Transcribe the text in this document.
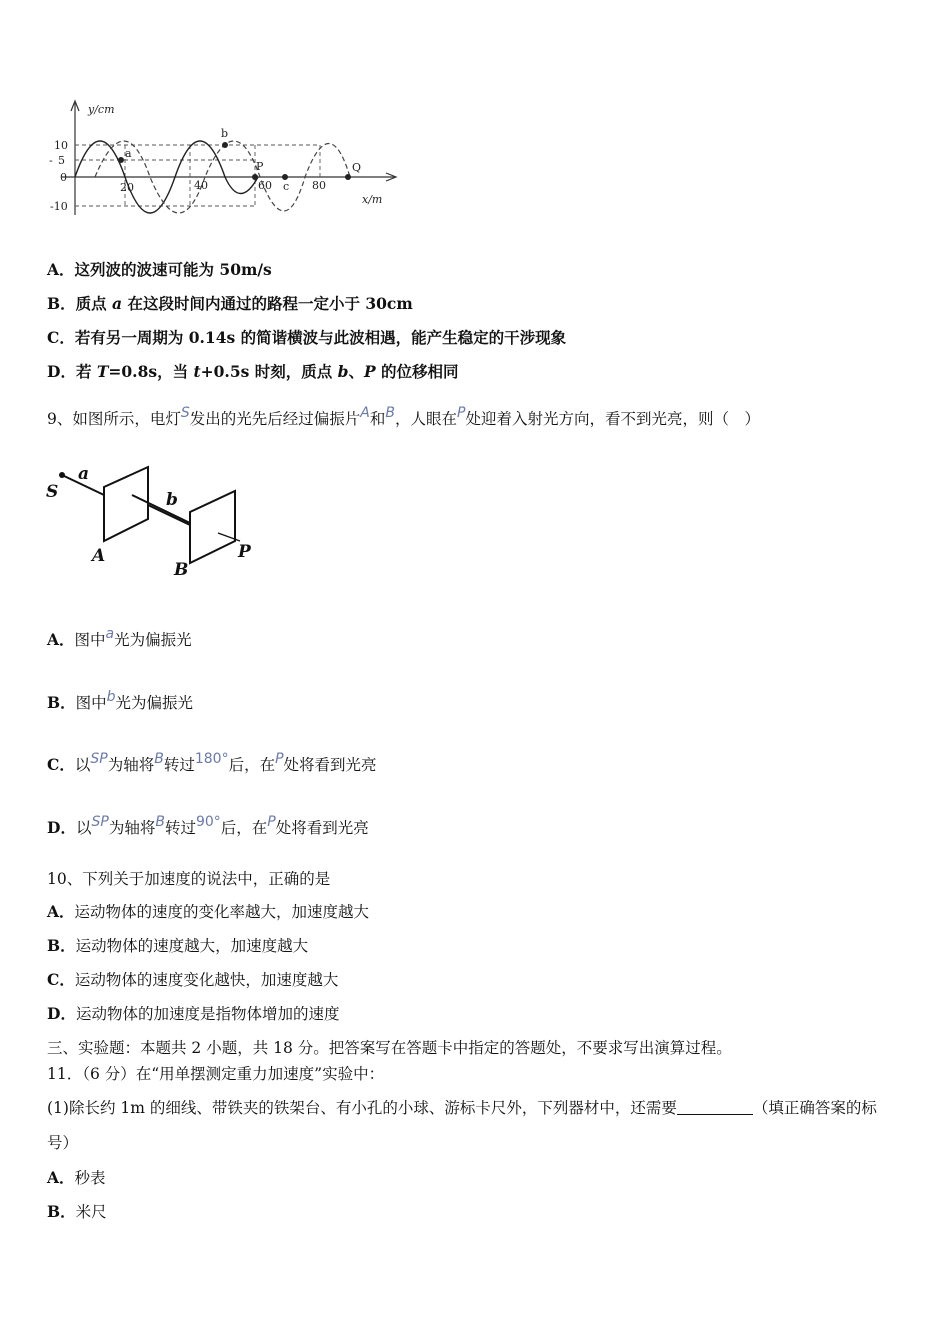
y/cm
x/m
10
5
-
0
-10
20	40	60	80
a
b
P
c
Q
A．这列波的波速可能为 50m/s
B．质点 a 在这段时间内通过的路程一定小于 30cm
C．若有另一周期为 0.14s 的简谐横波与此波相遇，能产生稳定的干涉现象
D．若 T=0.8s，当 t+0.5s 时刻，质点 b、P 的位移相同
9、如图所示，电灯S发出的光先后经过偏振片A和B，人眼在P处迎着入射光方向，看不到光亮，则（　）
S
a
b
A
B
P
A．图中a光为偏振光
B．图中b光为偏振光
C．以SP为轴将B转过180°后，在P处将看到光亮
D．以SP为轴将B转过90°后，在P处将看到光亮
10、下列关于加速度的说法中，正确的是
A．运动物体的速度的变化率越大，加速度越大
B．运动物体的速度越大，加速度越大
C．运动物体的速度变化越快，加速度越大
D．运动物体的加速度是指物体增加的速度
三、实验题：本题共 2 小题，共 18 分。把答案写在答题卡中指定的答题处，不要求写出演算过程。
11．（6 分）在“用单摆测定重力加速度”实验中：
(1)除长约 1m 的细线、带铁夹的铁架台、有小孔的小球、游标卡尺外，下列器材中，还需要	（填正确答案的标
号）
A．秒表
B．米尺
